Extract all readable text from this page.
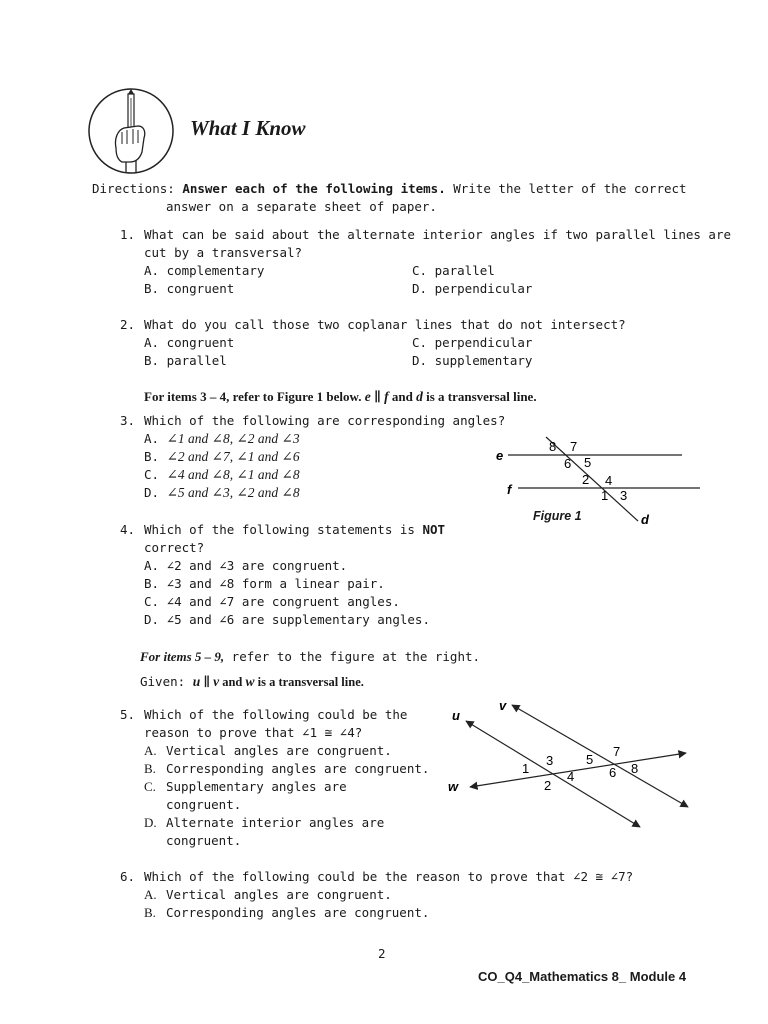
What I Know
Directions: Answer each of the following items. Write the letter of the correct
answer on a separate sheet of paper.
1. What can be said about the alternate interior angles if two parallel lines are
cut by a transversal?
A. complementary
B. congruent
C. parallel
D. perpendicular
2. What do you call those two coplanar lines that do not intersect?
A. congruent
B. parallel
C. perpendicular
D. supplementary
For items 3 – 4, refer to Figure 1 below. e ∥ f and d is a transversal line.
3. Which of the following are corresponding angles?
A. ∠1 and ∠8, ∠2 and ∠3
B. ∠2 and ∠7, ∠1 and ∠6
C. ∠4 and ∠8, ∠1 and ∠8
D. ∠5 and ∠3, ∠2 and ∠8
e
f
d
8 7
6 5
2 4
1 3
Figure 1
4. Which of the following statements is NOT
correct?
A. ∠2 and ∠3 are congruent.
B. ∠3 and ∠8 form a linear pair.
C. ∠4 and ∠7 are congruent angles.
D. ∠5 and ∠6 are supplementary angles.
For items 5 – 9, refer to the figure at the right.
Given: u ∥ v and w is a transversal line.
5. Which of the following could be the
reason to prove that ∠1 ≅ ∠4?
A. Vertical angles are congruent.
B. Corresponding angles are congruent.
C. Supplementary angles are
congruent.
D. Alternate interior angles are
congruent.
u
v
w
1
3
2
4
5
7
6 8
6. Which of the following could be the reason to prove that ∠2 ≅ ∠7?
A. Vertical angles are congruent.
B. Corresponding angles are congruent.
2
CO_Q4_Mathematics 8_ Module 4
